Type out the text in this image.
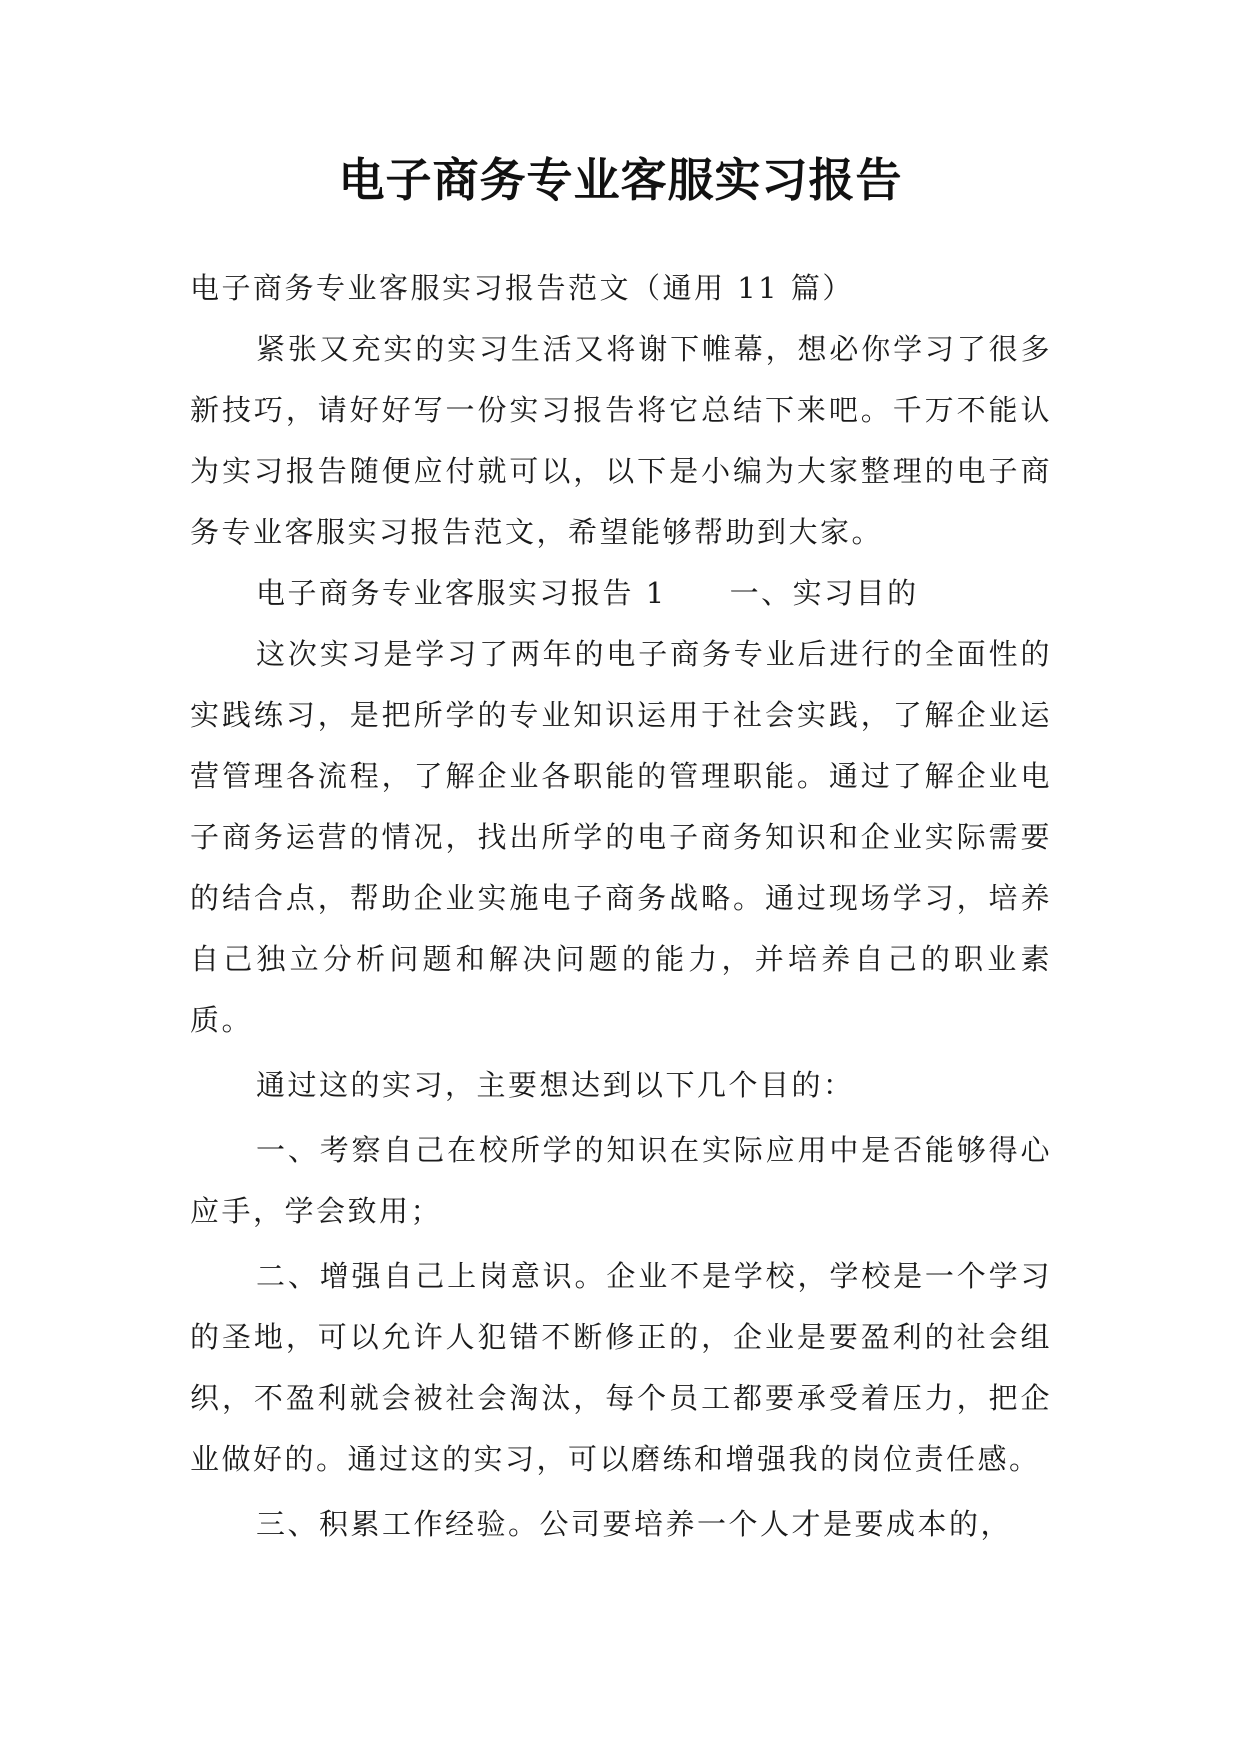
电子商务专业客服实习报告

电子商务专业客服实习报告范文（通用 11 篇）

紧张又充实的实习生活又将谢下帷幕，想必你学习了很多新技巧，请好好写一份实习报告将它总结下来吧。千万不能认为实习报告随便应付就可以，以下是小编为大家整理的电子商务专业客服实习报告范文，希望能够帮助到大家。

电子商务专业客服实习报告 1　　一、实习目的

这次实习是学习了两年的电子商务专业后进行的全面性的实践练习，是把所学的专业知识运用于社会实践，了解企业运营管理各流程，了解企业各职能的管理职能。通过了解企业电子商务运营的情况，找出所学的电子商务知识和企业实际需要的结合点，帮助企业实施电子商务战略。通过现场学习，培养自己独立分析问题和解决问题的能力，并培养自己的职业素质。

通过这的实习，主要想达到以下几个目的：

一、考察自己在校所学的知识在实际应用中是否能够得心应手，学会致用；

二、增强自己上岗意识。企业不是学校，学校是一个学习的圣地，可以允许人犯错不断修正的，企业是要盈利的社会组织，不盈利就会被社会淘汰，每个员工都要承受着压力，把企业做好的。通过这的实习，可以磨练和增强我的岗位责任感。

三、积累工作经验。公司要培养一个人才是要成本的，
